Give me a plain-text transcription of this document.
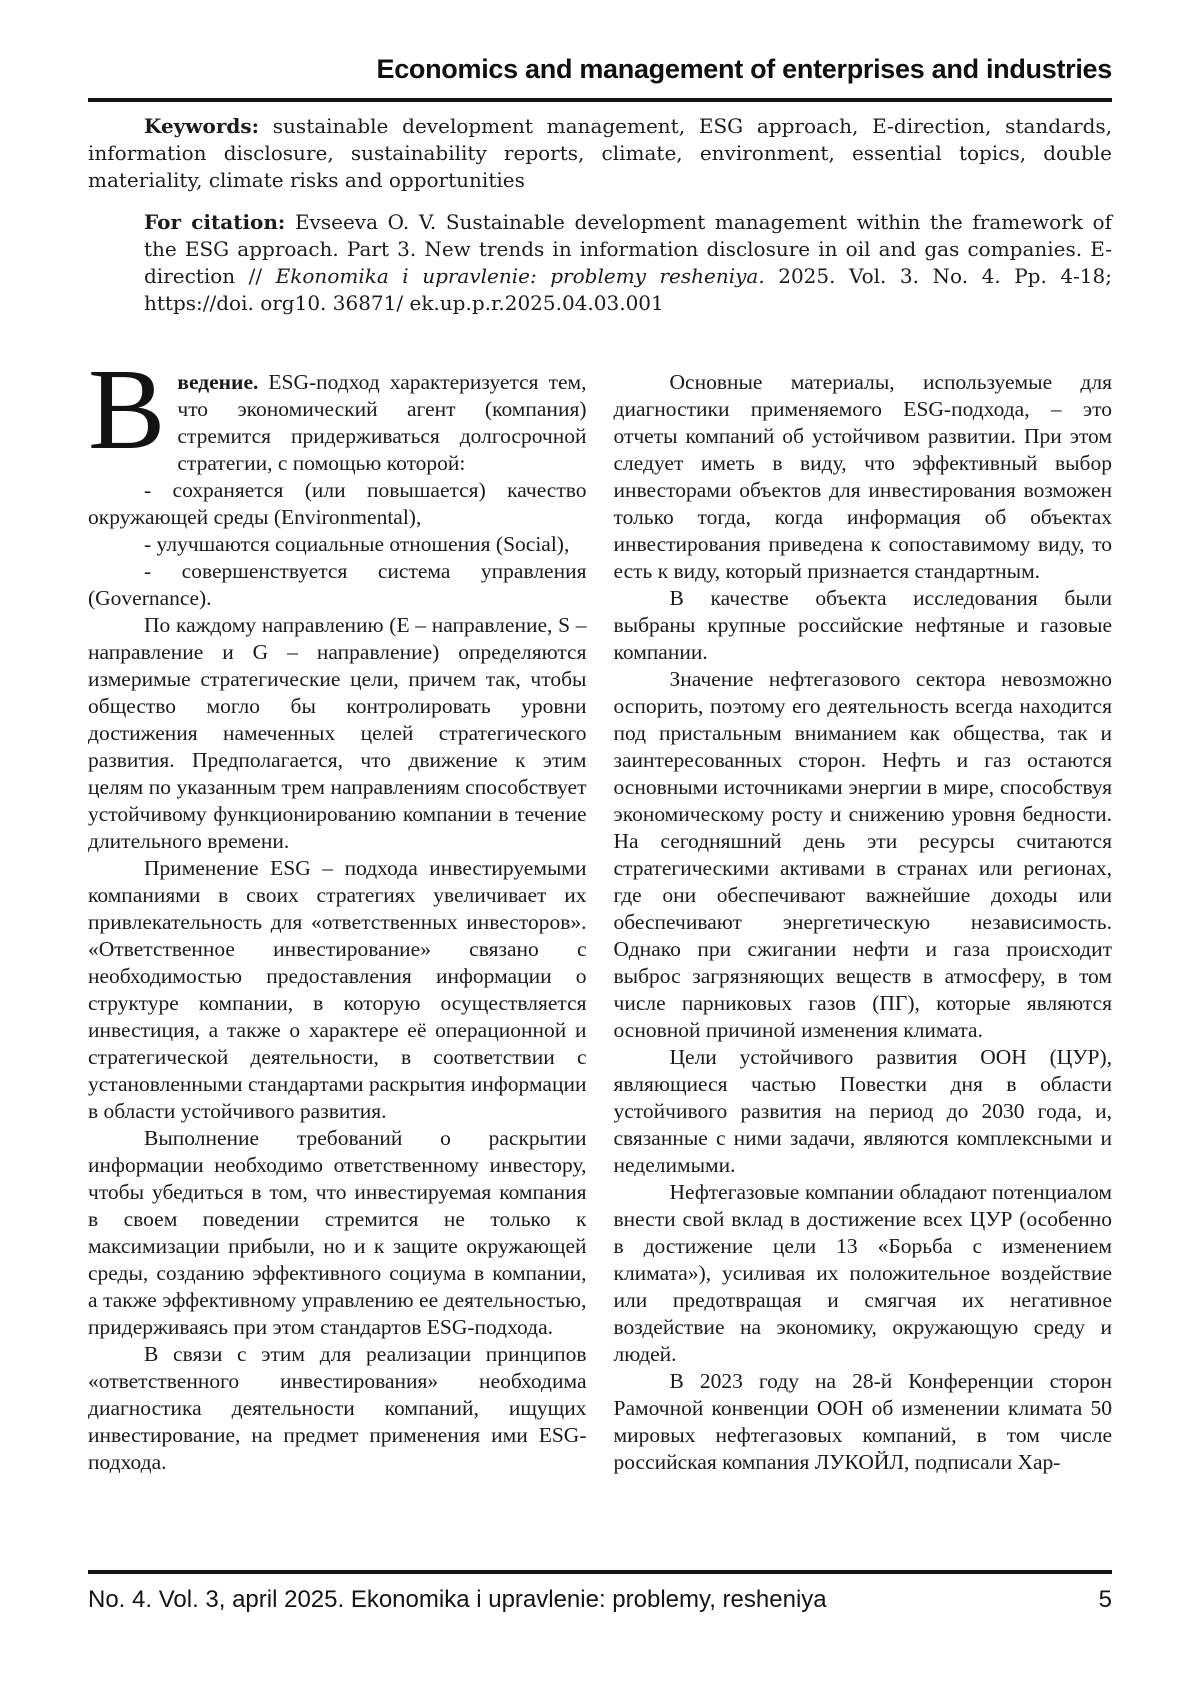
Economics and management of enterprises and industries

Keywords: sustainable development management, ESG approach, E-direction, standards, information disclosure, sustainability reports, climate, environment, essential topics, double materiality, climate risks and opportunities

For citation: Evseeva O. V. Sustainable development management within the framework of the ESG approach. Part 3. New trends in information disclosure in oil and gas companies. E-direction // Ekonomika i upravlenie: problemy resheniya. 2025. Vol. 3. No. 4. Pp. 4-18; https://doi. org10. 36871/ ek.up.p.r.2025.04.03.001

Введение. ESG-подход характеризуется тем, что экономический агент (компания) стремится придерживаться долгосрочной стратегии, с помощью которой:

- сохраняется (или повышается) качество окружающей среды (Environmental),

- улучшаются социальные отношения (Social),

- совершенствуется система управления (Governance).

По каждому направлению (E – направление, S – направление и G – направление) определяются измеримые стратегические цели, причем так, чтобы общество могло бы контролировать уровни достижения намеченных целей стратегического развития. Предполагается, что движение к этим целям по указанным трем направлениям способствует устойчивому функционированию компании в течение длительного времени.

Применение ESG – подхода инвестируемыми компаниями в своих стратегиях увеличивает их привлекательность для «ответственных инвесторов». «Ответственное инвестирование» связано с необходимостью предоставления информации о структуре компании, в которую осуществляется инвестиция, а также о характере её операционной и стратегической деятельности, в соответствии с установленными стандартами раскрытия информации в области устойчивого развития.

Выполнение требований о раскрытии информации необходимо ответственному инвестору, чтобы убедиться в том, что инвестируемая компания в своем поведении стремится не только к максимизации прибыли, но и к защите окружающей среды, созданию эффективного социума в компании, а также эффективному управлению ее деятельностью, придерживаясь при этом стандартов ESG-подхода.

В связи с этим для реализации принципов «ответственного инвестирования» необходима диагностика деятельности компаний, ищущих инвестирование, на предмет применения ими ESG-подхода.

Основные материалы, используемые для диагностики применяемого ESG-подхода, – это отчеты компаний об устойчивом развитии. При этом следует иметь в виду, что эффективный выбор инвесторами объектов для инвестирования возможен только тогда, когда информация об объектах инвестирования приведена к сопоставимому виду, то есть к виду, который признается стандартным.

В качестве объекта исследования были выбраны крупные российские нефтяные и газовые компании.

Значение нефтегазового сектора невозможно оспорить, поэтому его деятельность всегда находится под пристальным вниманием как общества, так и заинтересованных сторон. Нефть и газ остаются основными источниками энергии в мире, способствуя экономическому росту и снижению уровня бедности. На сегодняшний день эти ресурсы считаются стратегическими активами в странах или регионах, где они обеспечивают важнейшие доходы или обеспечивают энергетическую независимость. Однако при сжигании нефти и газа происходит выброс загрязняющих веществ в атмосферу, в том числе парниковых газов (ПГ), которые являются основной причиной изменения климата.

Цели устойчивого развития ООН (ЦУР), являющиеся частью Повестки дня в области устойчивого развития на период до 2030 года, и, связанные с ними задачи, являются комплексными и неделимыми.

Нефтегазовые компании обладают потенциалом внести свой вклад в достижение всех ЦУР (особенно в достижение цели 13 «Борьба с изменением климата»), усиливая их положительное воздействие или предотвращая и смягчая их негативное воздействие на экономику, окружающую среду и людей.

В 2023 году на 28-й Конференции сторон Рамочной конвенции ООН об изменении климата 50 мировых нефтегазовых компаний, в том числе российская компания ЛУКОЙЛ, подписали Хар-

No. 4. Vol. 3, april 2025. Ekonomika i upravlenie: problemy, resheniya	5
